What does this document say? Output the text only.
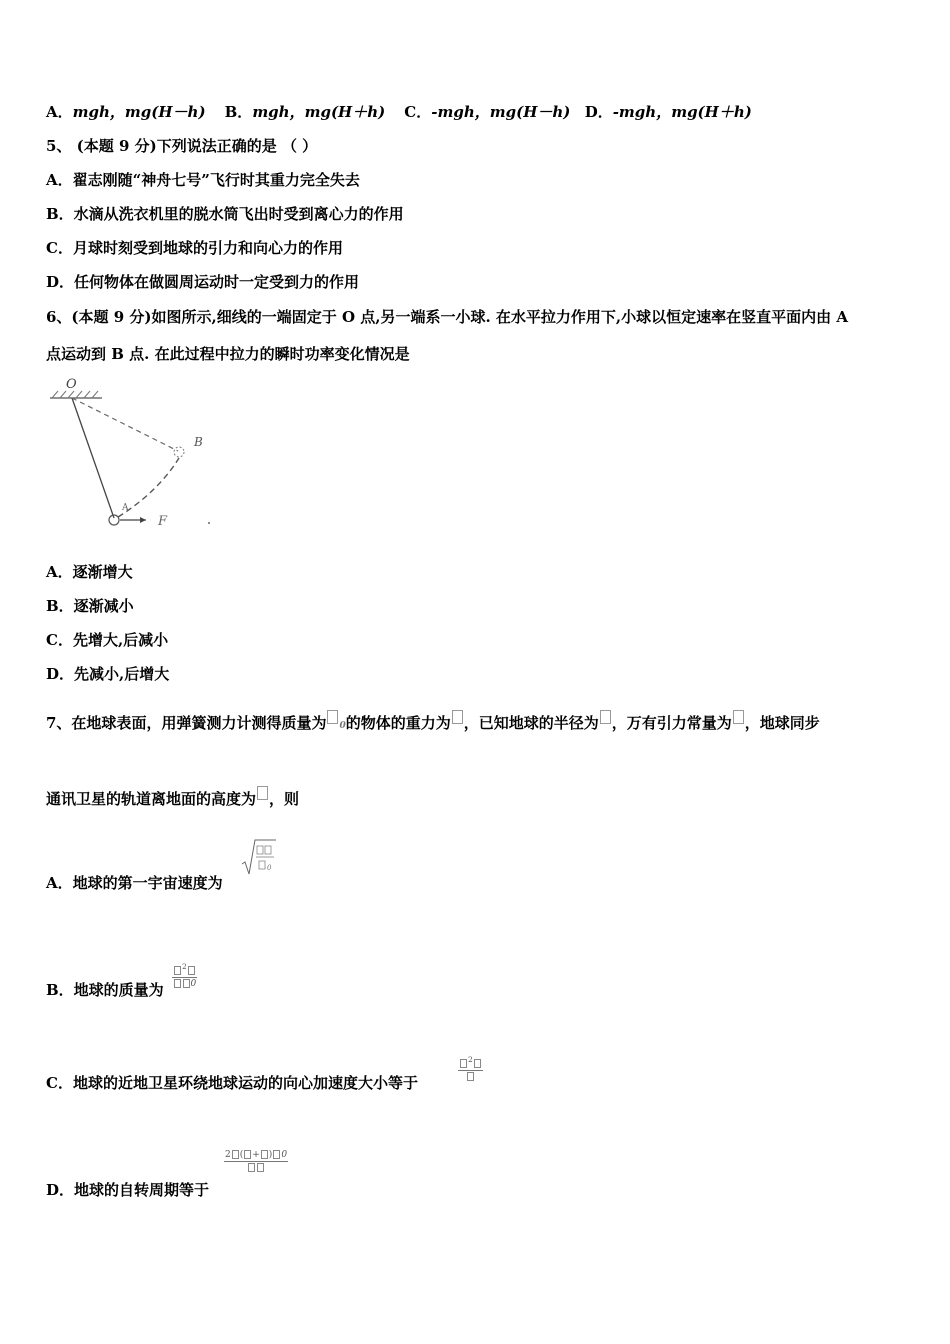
A．mgh，mg(H－h) B．mgh，mg(H＋h) C．-mgh，mg(H－h) D．-mgh，mg(H＋h)
5、 (本题 9 分)下列说法正确的是 （ ）
A．翟志刚随“神舟七号”飞行时其重力完全失去
B．水滴从洗衣机里的脱水筒飞出时受到离心力的作用
C．月球时刻受到地球的引力和向心力的作用
D．任何物体在做圆周运动时一定受到力的作用
6、(本题 9 分)如图所示,细线的一端固定于 O 点,另一端系一小球. 在水平拉力作用下,小球以恒定速率在竖直平面内由 A
点运动到 B 点. 在此过程中拉力的瞬时功率变化情况是
O
B
A
F
A．逐渐增大
B．逐渐减小
C．先增大,后减小
D．先减小,后增大
7、在地球表面，用弹簧测力计测得质量为 0的物体的重力为 ，已知地球的半径为 ，万有引力常量为 ，地球同步
通讯卫星的轨道离地面的高度为 ，则
A．地球的第一宇宙速度为
0
B．地球的质量为
$\frac{^2}{0}$
C．地球的近地卫星环绕地球运动的向心加速度大小等于
$^2$
D．地球的自转周期等于
2 ( + ) 0
